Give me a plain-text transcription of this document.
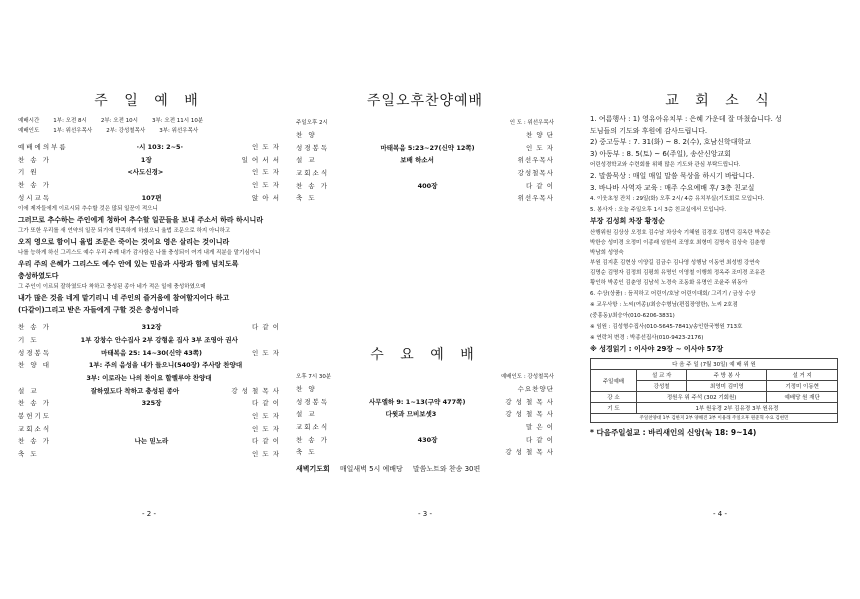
주 일 예 배
예배시간	1부: 오전 8시	2부: 오전 10시	3부: 오전 11시 10분
예배인도	1부: 위선우목사	2부: 강성철목사	3부: 위선우목사
예배에의부름	·시 103: 2~5·	인 도 자
찬 송 가	1장	일 어 서 서
기 원	<사도신경>	인 도 자
찬 송 가	인 도 자
성시교독	107편	앉 아 서
이에 제자들에게 이르시되 추수할 것은 많되 일꾼이 적으니
그러므로 추수하는 주인에게 청하여 추수할 일꾼들을 보내 주소서 하라 하시니라
그가 또한 우리를 새 언약의 일꾼 되기에 만족하게 하셨으니 율법 조문으로 하지 아니하고
오직 영으로 함이니 율법 조문은 죽이는 것이요 영은 살리는 것이니라
나를 능하게 하신 그리스도 예수 우리 주께 내가 감사함은 나를 충성되이 여겨 내게 직분을 맡기심이니
우리 주의 은혜가 그리스도 예수 안에 있는 믿음과 사랑과 함께 넘치도록
충성하였도다
그 주인이 이르되 잘하였도다 착하고 충성된 종아 네가 적은 일에 충성하였으매
내가 많은 것을 네게 맡기리니 네 주인의 즐거움에 참여할지어다 하고
(다같이)그리고 받은 자들에게 구할 것은 충성이니라
찬 송 가	312장	다 같 이
기 도	1부 강창수 안수집사 2부 강형윤 집사 3부 조영아 권사
성경봉독	마태복음 25: 14~30(신약 43쪽)	인 도 자
찬 양 대	1부: 주의 음성을 내가 들으니(540장) 주사랑 찬양대
3부: 이로라는 나의 찬이요 할렐루야 찬양대
설 교	잘하였도다 착하고 충성된 종아	강 성 철 목 사
찬 송 가	325장	다 같 이
봉헌기도	인 도 자
교회소식	인 도 자
찬 송 가	나는 믿노라	다 같 이
축 도	인 도 자
- 2 -
주일오후찬양예배
주일오후 2시	인 도 : 위선우목사
찬 양	찬 양 단
성경봉독	마태복음 5:23~27(신약 12쪽)	인 도 자
설 교	보배 하소서	위선우목사
교회소식	강성철목사
찬 송 가	400장	다 같 이
축 도	위선우목사
수 요 예 배
오후 7시 30분	예배인도 : 강성철목사
찬 양	수요찬양단
성경봉독	사무엘하 9: 1~13(구약 477쪽)	강 성 철 목 사
설 교	다윗과 므비보셋3	강 성 철 목 사
교회소식	말 은 이
찬 송 가	430장	다 같 이
축 도	강 성 철 목 사
새벽기도회 매일새벽 5시 예배당 말씀노트와 찬송 30편
- 3 -
교 회 소 식
1. 여름행사 : 1) 영유아유치부 : 은혜 가운데 잘 마쳤습니다. 성
도님들의 기도와 후원에 감사드립니다.
2) 중고등부 : 7. 31(화) ~ 8. 2(수), 호남신학대학교
3) 아동부 : 8. 5(토) ~ 6(주일), 송산신앙교회
어린성경학교와 수련회를 위해 많은 기도와 관심 부탁드립니다.
2. 말씀묵상 : 매일 매일 말씀 묵상을 하시기 바랍니다.
3. 바나바 사역자 교육 : 매주 수요예배 후/ 3층 친교실
4. 이웃초청 잔치 : 29일(화) 오후 2시/ 4층 유치부실(기도회로 모입니다.
5. 봉사자 : 오늘 주일오후 1시 3층 친교실에서 모입니다.
부장 김성희 차장 황정순
산행위원 김상상 오정호 김수남 차상숙 기혜원 김경호 김범덕 김옥란 박종순
박한승 성미경 오정미 이종래 임한석 조영호 최형미 김명숙 김상숙 김춘형
박남희 성영숙
부원 김지훈 김현상 이양길 김금수 김나영 성행남 이동연 최성범 강연숙
김명순 김명자 김정희 김평희 유명인 이영철 이행희 정옥주 조미경 조유관
황인하 박종인 김춘영 김남석 노경숙 조동화 유명인 조윤주 위동아
6. 수상(상품) : 듬직하고 어린이/호남 어린이대회/ 그리기 / 금상 수상
※ 교우사항 : 노씨(여종)/최승수형님(편집장영한), 노씨 2호점
(중흥동)/최승아(010-6206-3831)
※ 임원 : 김성형수집사(010-5645-7841)/송인한국병원 713호
※ 연락처 변경 : 박종선집사(010-9423-2176)
※ 성경읽기 : 이사야 29장 ~ 이사야 57장
다 음 주 일 (7월 30일) 예 배 위 원			
주일예배	설 교 자	주 방 봉 사	설 거 지
	강성철	최영미 김미영	기정미 이동현
강 소	정원우 위 주석 (302 기회원)		예배당 원 재단
기 도	1부 원유경 2부 김유경 3부 원유정		
주일찬양대 1부 김한지 2부 양해진 3부 이용래 주일오후 원준혁 수요 김현민			
* 다음주일설교 : 바리새인의 신앙(눅 18: 9~14)
- 4 -
